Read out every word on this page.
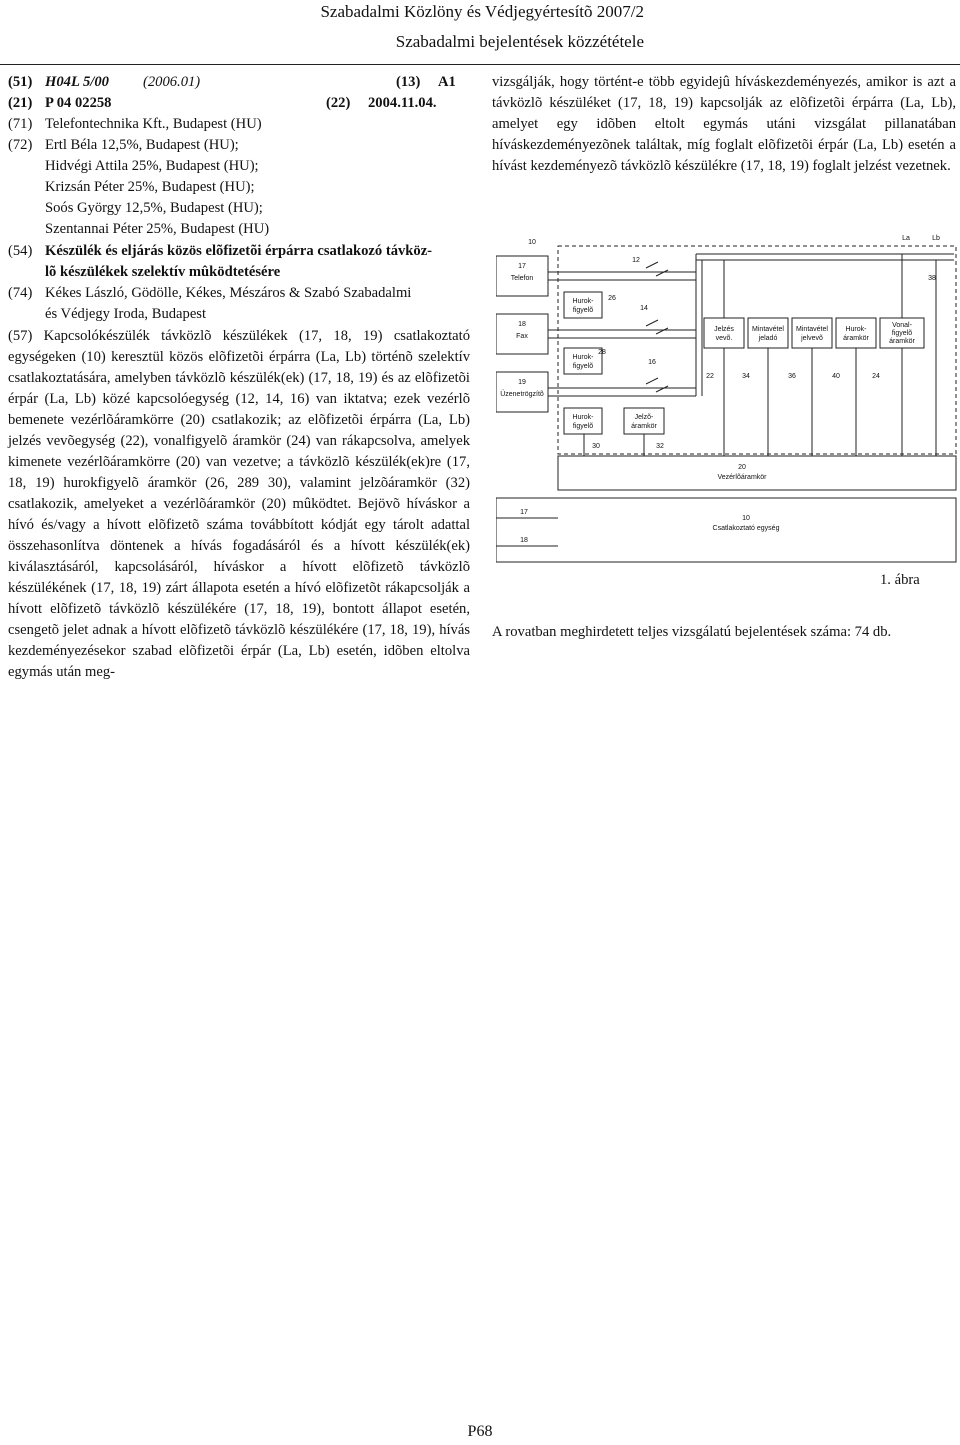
Szabadalmi Közlöny és Védjegyértesítõ 2007/2
Szabadalmi bejelentések közzététele
(51) H04L 5/00	(2006.01)	(13)	A1
(21) P 04 02258	(22)	2004.11.04.
(71) Telefontechnika Kft., Budapest (HU)
(72) Ertl Béla 12,5%, Budapest (HU);
Hidvégi Attila 25%, Budapest (HU);
Krizsán Péter 25%, Budapest (HU);
Soós György 12,5%, Budapest (HU);
Szentannai Péter 25%, Budapest (HU)
(54) Készülék és eljárás közös elõfizetõi érpárra csatlakozó távköz-
lõ készülékek szelektív mûködtetésére
(74) Kékes László, Gödölle, Kékes, Mészáros & Szabó Szabadalmi
és Védjegy Iroda, Budapest
(57) Kapcsolókészülék távközlõ készülékek (17, 18, 19) csatlakoztató egységeken (10) keresztül közös elõfizetõi érpárra (La, Lb) történõ szelektív csatlakoztatására, amelyben távközlõ készülék(ek) (17, 18, 19) és az elõfizetõi érpár (La, Lb) közé kapcsolóegység (12, 14, 16) van iktatva; ezek vezérlõ bemenete vezérlõáramkörre (20) csatlakozik; az elõfizetõi érpárra (La, Lb) jelzés vevõegység (22), vonalfigyelõ áramkör (24) van rákapcsolva, amelyek kimenete vezérlõáramkörre (20) van vezetve; a távközlõ készülék(ek)re (17, 18, 19) hurokfigyelõ áramkör (26, 289 30), valamint jelzõáramkör (32) csatlakozik, amelyeket a vezérlõáramkör (20) mûködtet. Bejövõ híváskor a hívó és/vagy a hívott elõfizetõ száma továbbított kódját egy tárolt adattal összehasonlítva döntenek a hívás fogadásáról és a hívott készülék(ek) kiválasztásáról, kapcsolásáról, híváskor a hívott elõfizetõ távközlõ készülékének (17, 18, 19) zárt állapota esetén a hívó elõfizetõt rákapcsolják a hívott elõfizetõ távközlõ készülékére (17, 18, 19), bontott állapot esetén, csengetõ jelet adnak a hívott elõfizetõ távközlõ készülékére (17, 18, 19), hívás kezdeményezésekor szabad elõfizetõi érpár (La, Lb) esetén, idõben eltolva egymás után meg-
vizsgálják, hogy történt-e több egyidejû híváskezdeményezés, amikor is azt a távközlõ készüléket (17, 18, 19) kapcsolják az elõfizetõi érpárra (La, Lb), amelyet egy idõben eltolt egymás utáni vizsgálat pillanatában híváskezdeményezõnek találtak, míg foglalt elõfizetõi érpár (La, Lb) esetén a hívást kezdeményezõ távközlõ készülékre (17, 18, 19) foglalt jelzést vezetnek.
10
La	Lb
12
38
14
16
26
28
17
Telefon
18
Fax
19
Üzenetrögzítõ
Hurok-
figyelõ
Hurok-
figyelõ
Hurok-
figyelõ
Jelzõ-
áramkör
Jelzés
vevõ.
Mintavétel
jeladó
Mintavétel
jelvevõ
Hurok-
áramkör
Vonal-
figyelõ
áramkör
22	34	36	40	24
30	32
20
Vezérlõáramkör
10
Csatlakoztató egység
17
18
1. ábra
A rovatban meghirdetett teljes vizsgálatú bejelentések száma: 74 db.
P68
